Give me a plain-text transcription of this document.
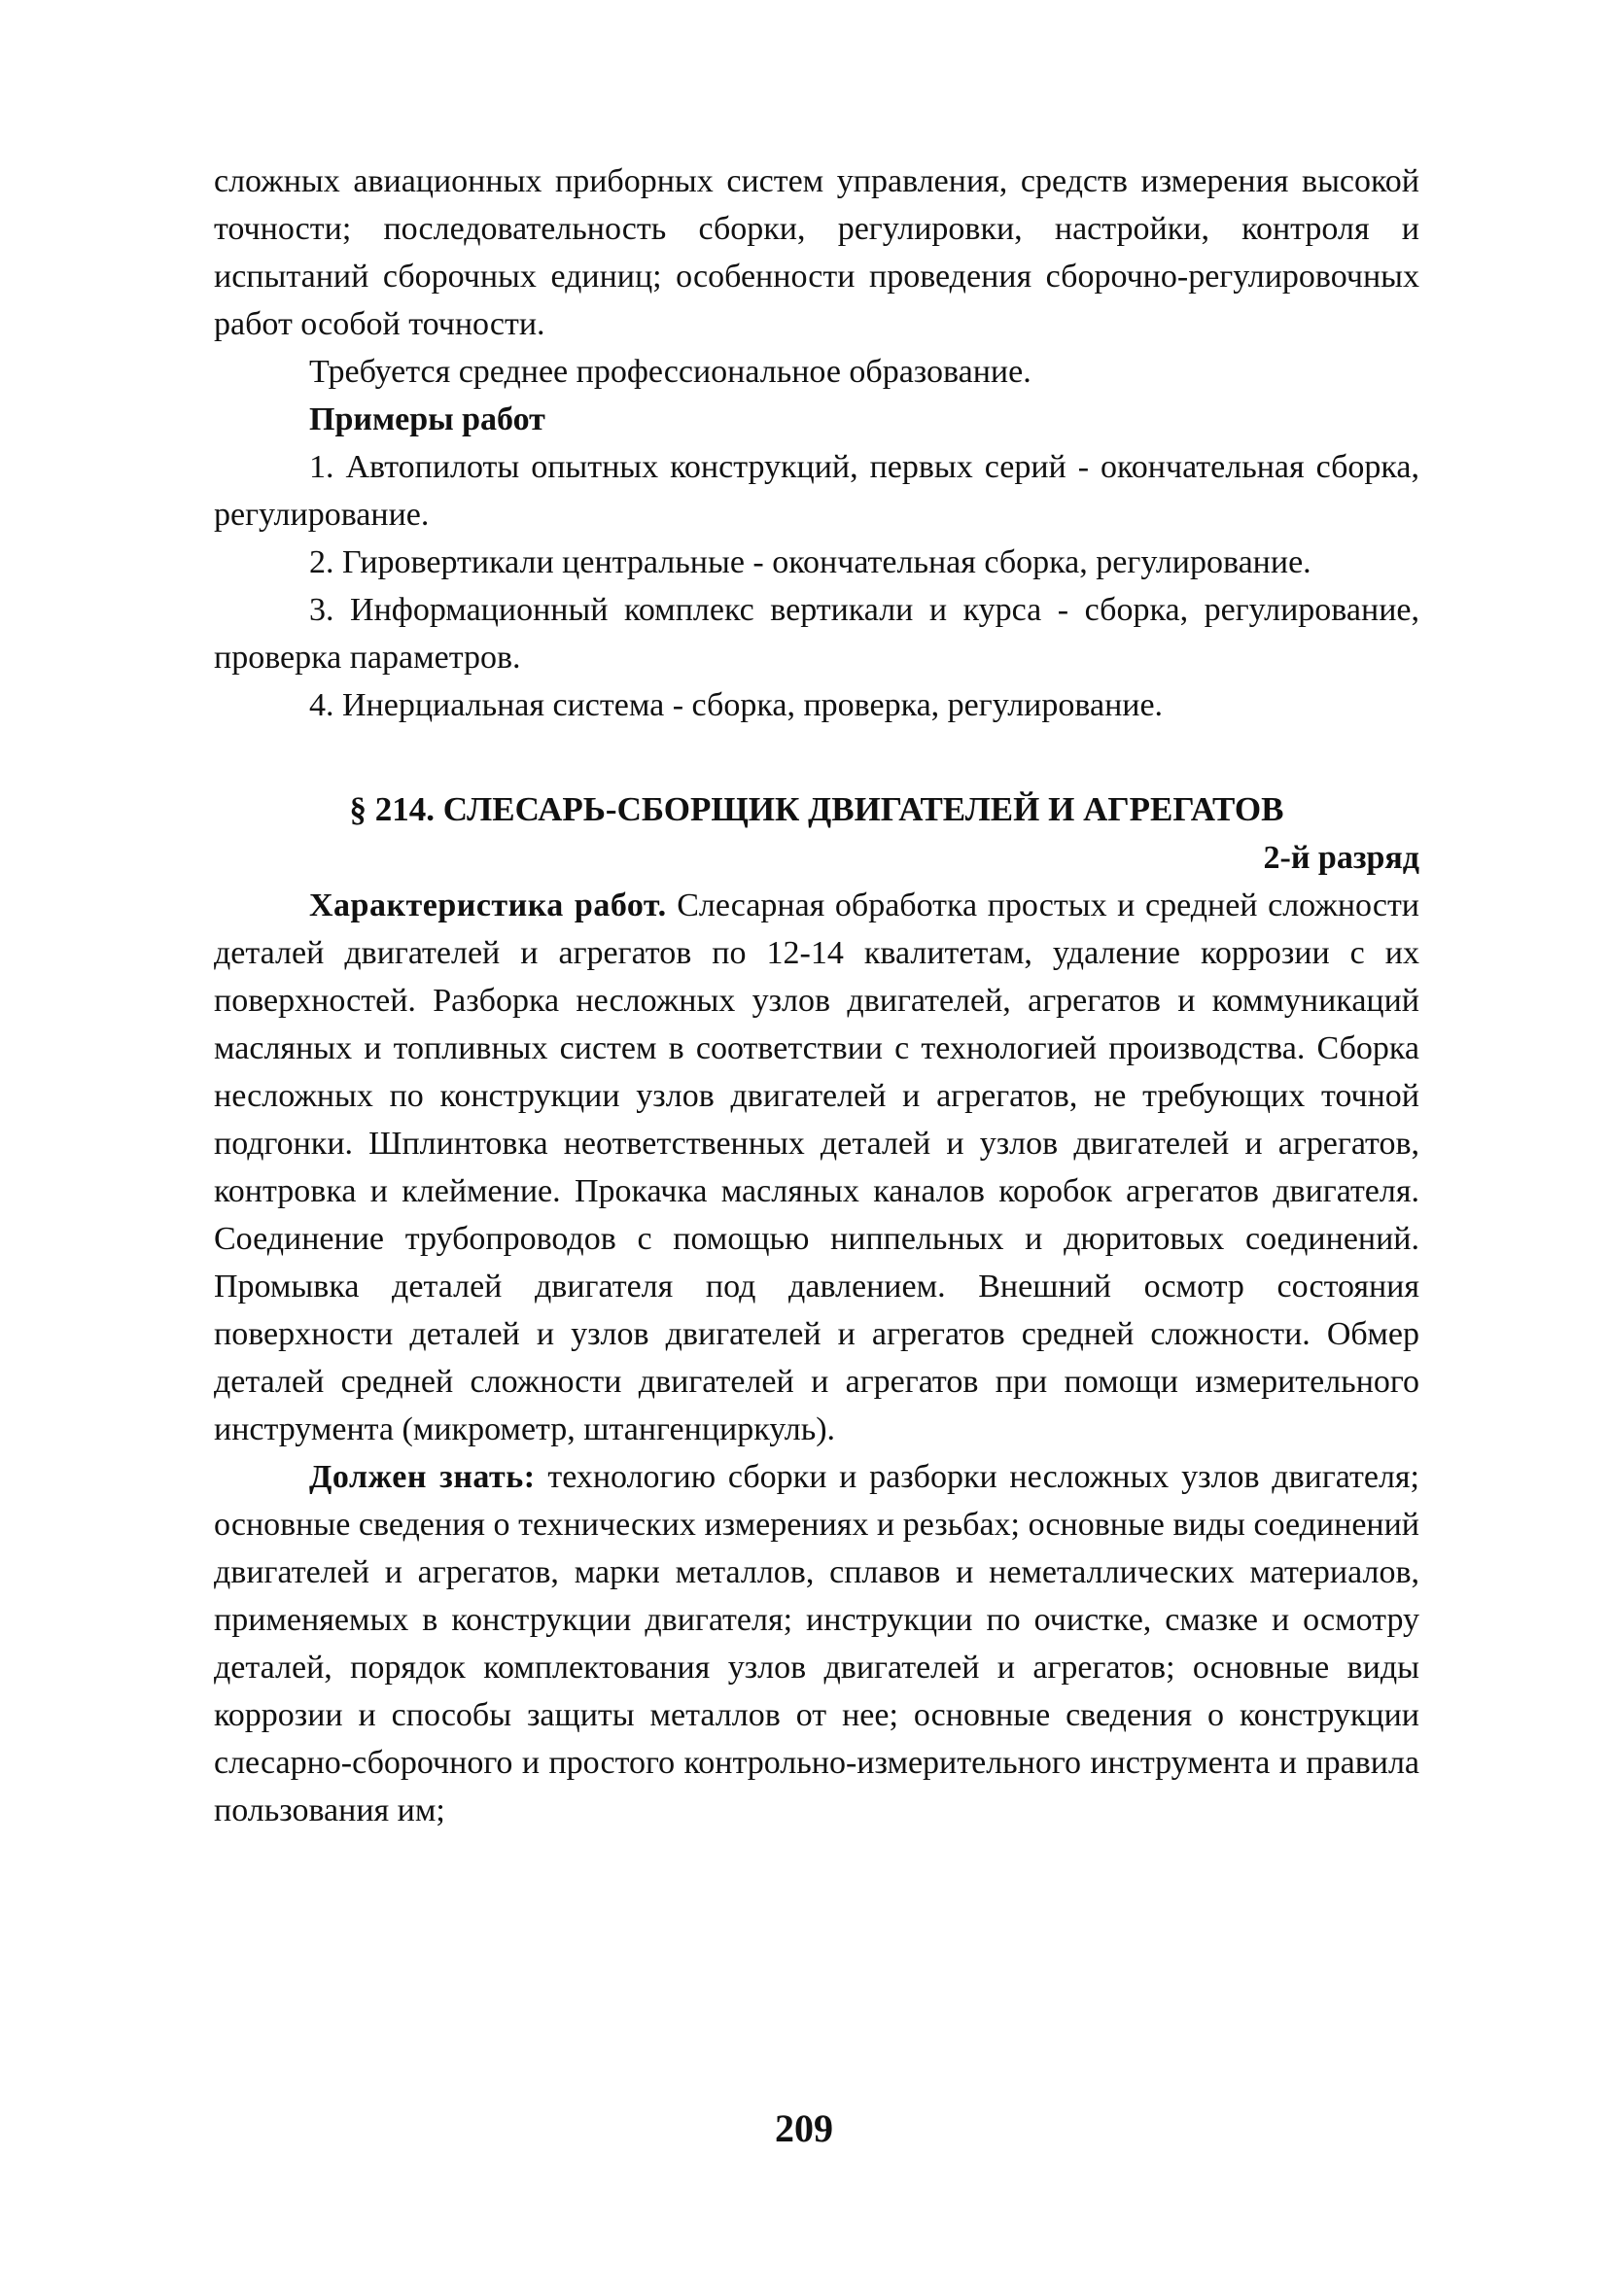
сложных авиационных приборных систем управления, средств измерения высокой точности; последовательность сборки, регулировки, настройки, контроля и испытаний сборочных единиц; особенности проведения сборочно-регулировочных работ особой точности.

Требуется среднее профессиональное образование.

Примеры работ

1. Автопилоты опытных конструкций, первых серий - окончательная сборка, регулирование.

2. Гировертикали центральные - окончательная сборка, регулирование.

3. Информационный комплекс вертикали и курса - сборка, регулирование, проверка параметров.

4. Инерциальная система - сборка, проверка, регулирование.

§ 214. СЛЕСАРЬ-СБОРЩИК ДВИГАТЕЛЕЙ И АГРЕГАТОВ

2-й разряд

Характеристика работ. Слесарная обработка простых и средней сложности деталей двигателей и агрегатов по 12-14 квалитетам, удаление коррозии с их поверхностей. Разборка несложных узлов двигателей, агрегатов и коммуникаций масляных и топливных систем в соответствии с технологией производства. Сборка несложных по конструкции узлов двигателей и агрегатов, не требующих точной подгонки. Шплинтовка неответственных деталей и узлов двигателей и агрегатов, контровка и клеймение. Прокачка масляных каналов коробок агрегатов двигателя. Соединение трубопроводов с помощью ниппельных и дюритовых соединений. Промывка деталей двигателя под давлением. Внешний осмотр состояния поверхности деталей и узлов двигателей и агрегатов средней сложности. Обмер деталей средней сложности двигателей и агрегатов при помощи измерительного инструмента (микрометр, штангенциркуль).

Должен знать: технологию сборки и разборки несложных узлов двигателя; основные сведения о технических измерениях и резьбах; основные виды соединений двигателей и агрегатов, марки металлов, сплавов и неметаллических материалов, применяемых в конструкции двигателя; инструкции по очистке, смазке и осмотру деталей, порядок комплектования узлов двигателей и агрегатов; основные виды коррозии и способы защиты металлов от нее; основные сведения о конструкции слесарно-сборочного и простого контрольно-измерительного инструмента и правила пользования им;

209
